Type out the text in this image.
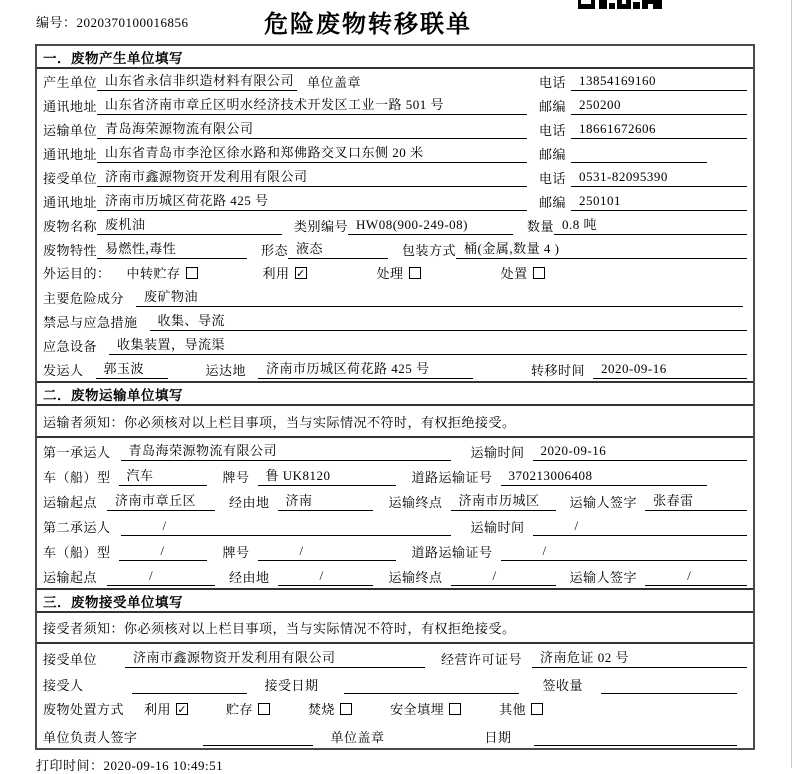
编号：2020370100016856	危险废物转移联单
一．废物产生单位填写
产生单位 山东省永信非织造材料有限公司 单位盖章	电话 13854169160
通讯地址 山东省济南市章丘区明水经济技术开发区工业一路 501 号	邮编 250200
运输单位 青岛海荣源物流有限公司	电话 18661672606
通讯地址 山东省青岛市李沧区徐水路和郑佛路交叉口东侧 20 米	邮编
接受单位 济南市鑫源物资开发利用有限公司	电话 0531-82095390
通讯地址 济南市历城区荷花路 425 号	邮编 250101
废物名称 废机油	类别编号 HW08(900-249-08)	数量 0.8 吨
废物特性 易燃性,毒性	形态 液态	包装方式 桶(金属,数量 4 )
外运目的： 中转贮存	利用 ✓	处理	处置
主要危险成分	废矿物油
禁忌与应急措施	收集、导流
应急设备	收集装置，导流渠
发运人	郭玉波	运达地	济南市历城区荷花路 425 号	转移时间	2020-09-16
二．废物运输单位填写
运输者须知：你必须核对以上栏目事项，当与实际情况不符时，有权拒绝接受。
第一承运人	青岛海荣源物流有限公司	运输时间	2020-09-16
车（船）型	汽车	牌号	鲁 UK8120	道路运输证号	370213006408
运输起点	济南市章丘区	经由地	济南	运输终点	济南市历城区	运输人签字	张春雷
第二承运人	/	运输时间	/
车（船）型	/	牌号	/	道路运输证号	/
运输起点	/	经由地	/	运输终点	/	运输人签字	/
三．废物接受单位填写
接受者须知：你必须核对以上栏目事项，当与实际情况不符时，有权拒绝接受。
接受单位	济南市鑫源物资开发利用有限公司	经营许可证号	济南危证 02 号
接受人	接受日期	签收量
废物处置方式 利用 ✓	贮存	焚烧	安全填埋	其他
单位负责人签字	单位盖章	日期
打印时间：2020-09-16 10:49:51
